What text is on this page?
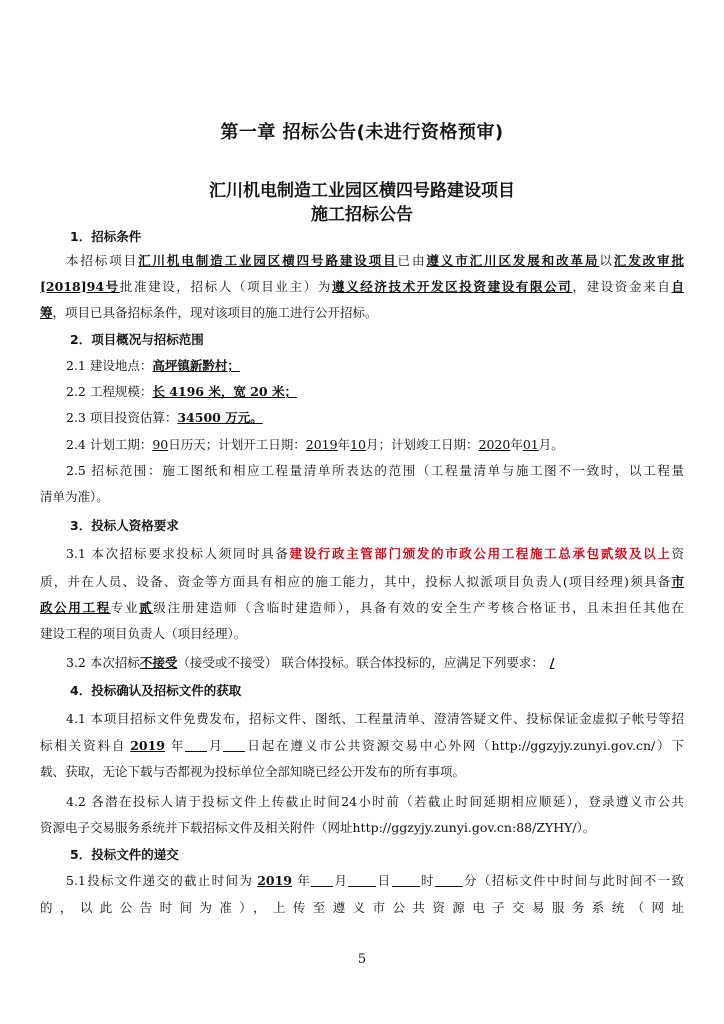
第一章 招标公告(未进行资格预审)
汇川机电制造工业园区横四号路建设项目
施工招标公告
1．招标条件
本招标项目汇川机电制造工业园区横四号路建设项目已由遵义市汇川区发展和改革局以汇发改审批
[2018]94号批准建设，招标人（项目业主）为遵义经济技术开发区投资建设有限公司，建设资金来自自
筹，项目已具备招标条件，现对该项目的施工进行公开招标。
2．项目概况与招标范围
2.1 建设地点：高坪镇新黔村；
2.2 工程规模：长 4196 米，宽 20 米；
2.3 项目投资估算：34500 万元。
2.4 计划工期：90日历天；计划开工日期：2019年10月；计划竣工日期：2020年01月。
2.5 招标范围：施工图纸和相应工程量清单所表达的范围（工程量清单与施工图不一致时，以工程量
清单为准）。
3．投标人资格要求
3.1 本次招标要求投标人须同时具备建设行政主管部门颁发的市政公用工程施工总承包贰级及以上资
质，并在人员、设备、资金等方面具有相应的施工能力，其中，投标人拟派项目负责人(项目经理)须具备市
政公用工程专业贰级注册建造师（含临时建造师），具备有效的安全生产考核合格证书，且未担任其他在
建设工程的项目负责人（项目经理）。
3.2 本次招标不接受（接受或不接受） 联合体投标。联合体投标的，应满足下列要求： /
4．投标确认及招标文件的获取
4.1 本项目招标文件免费发布，招标文件、图纸、工程量清单、澄清答疑文件、投标保证金虚拟子帐号等招
标相关资料自 2019 年 月 日起在遵义市公共资源交易中心外网（http://ggzyjy.zunyi.gov.cn/）下
载、获取，无论下载与否都视为投标单位全部知晓已经公开发布的所有事项。
4.2 各潜在投标人请于投标文件上传截止时间24小时前（若截止时间延期相应顺延），登录遵义市公共
资源电子交易服务系统并下载招标文件及相关附件（网址http://ggzyjy.zunyi.gov.cn:88/ZYHY/）。
5．投标文件的递交
5.1投标文件递交的截止时间为 2019 年 月 日 时 分（招标文件中时间与此时间不一致
的，以此公告时间为准），上传至遵义市公共资源电子交易服务系统（网址
5
